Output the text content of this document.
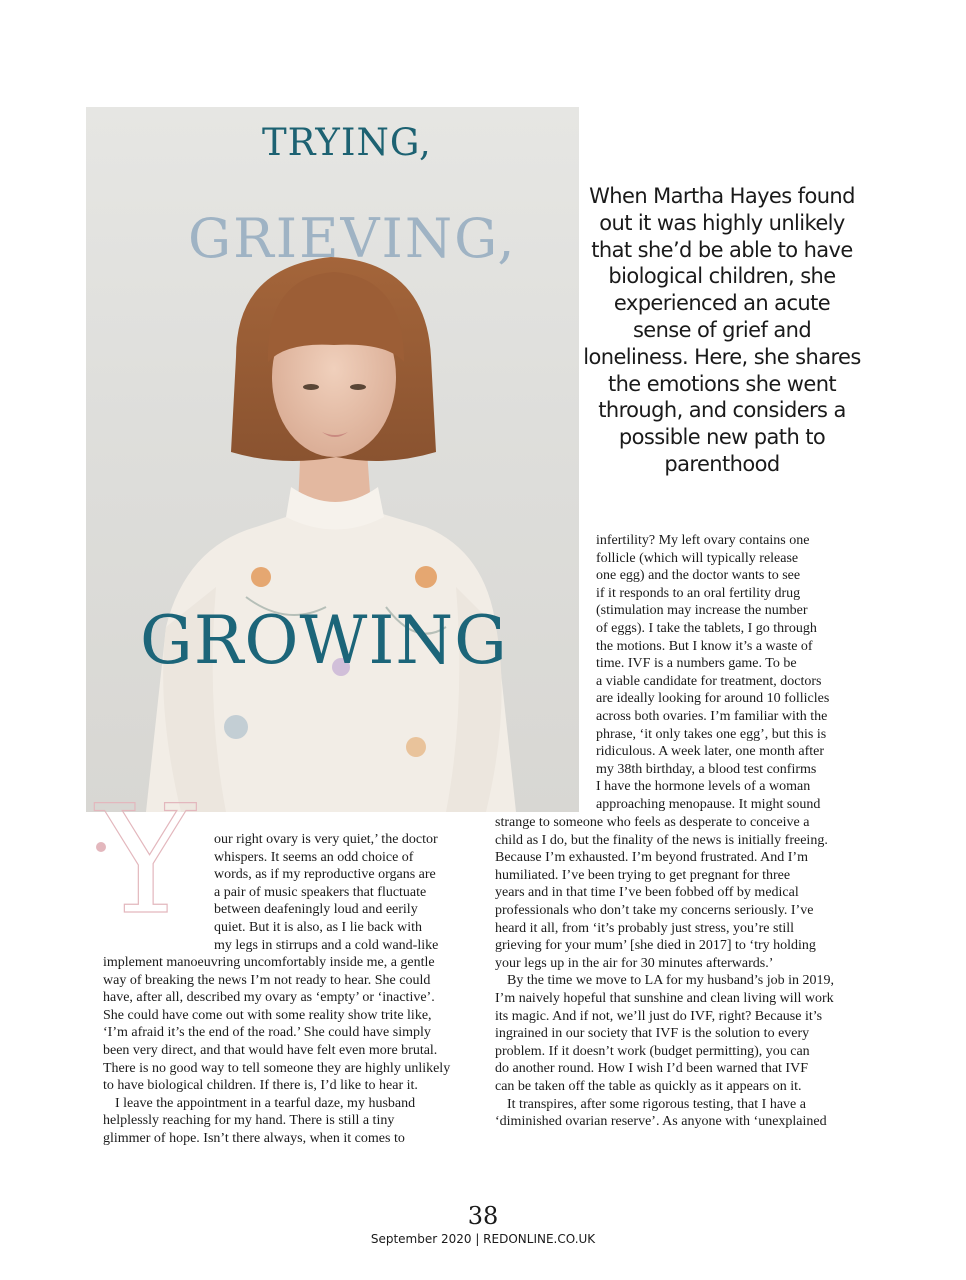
TRYING,
GRIEVING,
GROWING

When Martha Hayes found out it was highly unlikely that she’d be able to have biological children, she experienced an acute sense of grief and loneliness. Here, she shares the emotions she went through, and considers a possible new path to parenthood

Y our right ovary is very quiet,’ the doctor
whispers. It seems an odd choice of
words, as if my reproductive organs are
a pair of music speakers that fluctuate
between deafeningly loud and eerily
quiet. But it is also, as I lie back with
my legs in stirrups and a cold wand-like
implement manoeuvring uncomfortably inside me, a gentle
way of breaking the news I’m not ready to hear. She could
have, after all, described my ovary as ‘empty’ or ‘inactive’.
She could have come out with some reality show trite like,
‘I’m afraid it’s the end of the road.’ She could have simply
been very direct, and that would have felt even more brutal.
There is no good way to tell someone they are highly unlikely
to have biological children. If there is, I’d like to hear it.
I leave the appointment in a tearful daze, my husband
helplessly reaching for my hand. There is still a tiny
glimmer of hope. Isn’t there always, when it comes to
infertility? My left ovary contains one
follicle (which will typically release
one egg) and the doctor wants to see
if it responds to an oral fertility drug
(stimulation may increase the number
of eggs). I take the tablets, I go through
the motions. But I know it’s a waste of
time. IVF is a numbers game. To be
a viable candidate for treatment, doctors
are ideally looking for around 10 follicles
across both ovaries. I’m familiar with the
phrase, ‘it only takes one egg’, but this is
ridiculous. A week later, one month after
my 38th birthday, a blood test confirms
I have the hormone levels of a woman
approaching menopause. It might sound
strange to someone who feels as desperate to conceive a
child as I do, but the finality of the news is initially freeing.
Because I’m exhausted. I’m beyond frustrated. And I’m
humiliated. I’ve been trying to get pregnant for three
years and in that time I’ve been fobbed off by medical
professionals who don’t take my concerns seriously. I’ve
heard it all, from ‘it’s probably just stress, you’re still
grieving for your mum’ [she died in 2017] to ‘try holding
your legs up in the air for 30 minutes afterwards.’
By the time we move to LA for my husband’s job in 2019,
I’m naively hopeful that sunshine and clean living will work
its magic. And if not, we’ll just do IVF, right? Because it’s
ingrained in our society that IVF is the solution to every
problem. If it doesn’t work (budget permitting), you can
do another round. How I wish I’d been warned that IVF
can be taken off the table as quickly as it appears on it.
It transpires, after some rigorous testing, that I have a
‘diminished ovarian reserve’. As anyone with ‘unexplained
38
September 2020 | REDONLINE.CO.UK
